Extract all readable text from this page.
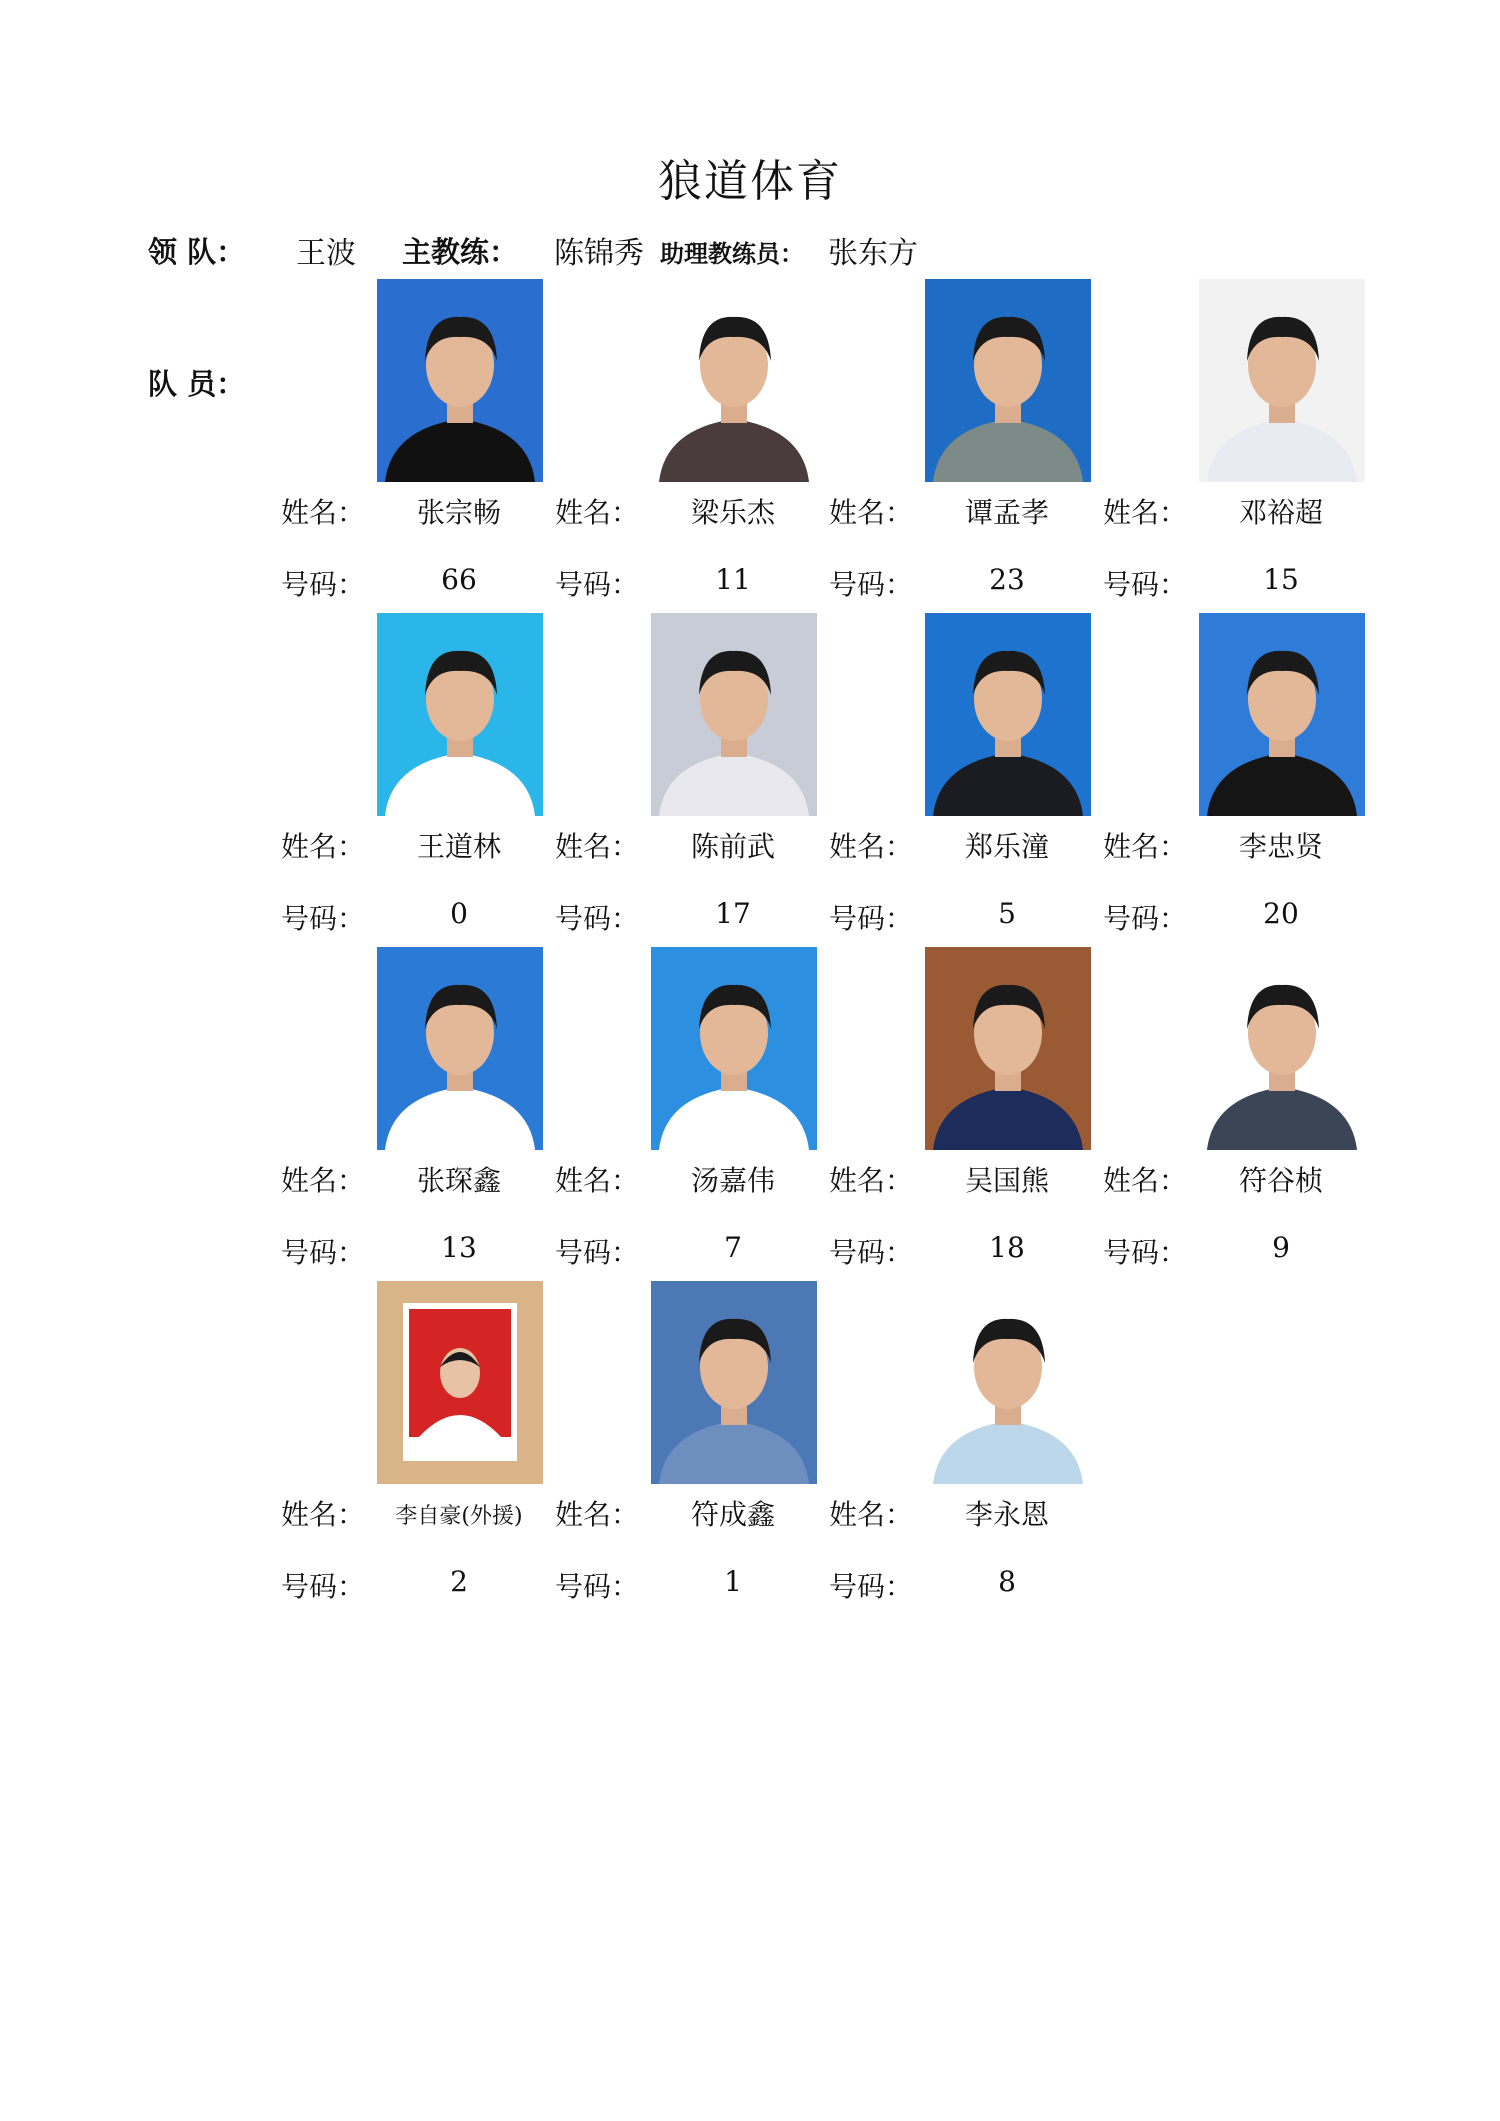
狼道体育
领 队： 王波 主教练： 陈锦秀 助理教练员： 张东方
队 员：
姓名：	张宗畅
号码：	66
姓名：	梁乐杰
号码：	11
姓名：	谭孟孝
号码：	23
姓名：	邓裕超
号码：	15
姓名：	王道林
号码：	0
姓名：	陈前武
号码：	17
姓名：	郑乐潼
号码：	5
姓名：	李忠贤
号码：	20
姓名：	张琛鑫
号码：	13
姓名：	汤嘉伟
号码：	7
姓名：	吴国熊
号码：	18
姓名：	符谷桢
号码：	9
姓名：	李自豪(外援)
号码：	2
姓名：	符成鑫
号码：	1
姓名：	李永恩
号码：	8
